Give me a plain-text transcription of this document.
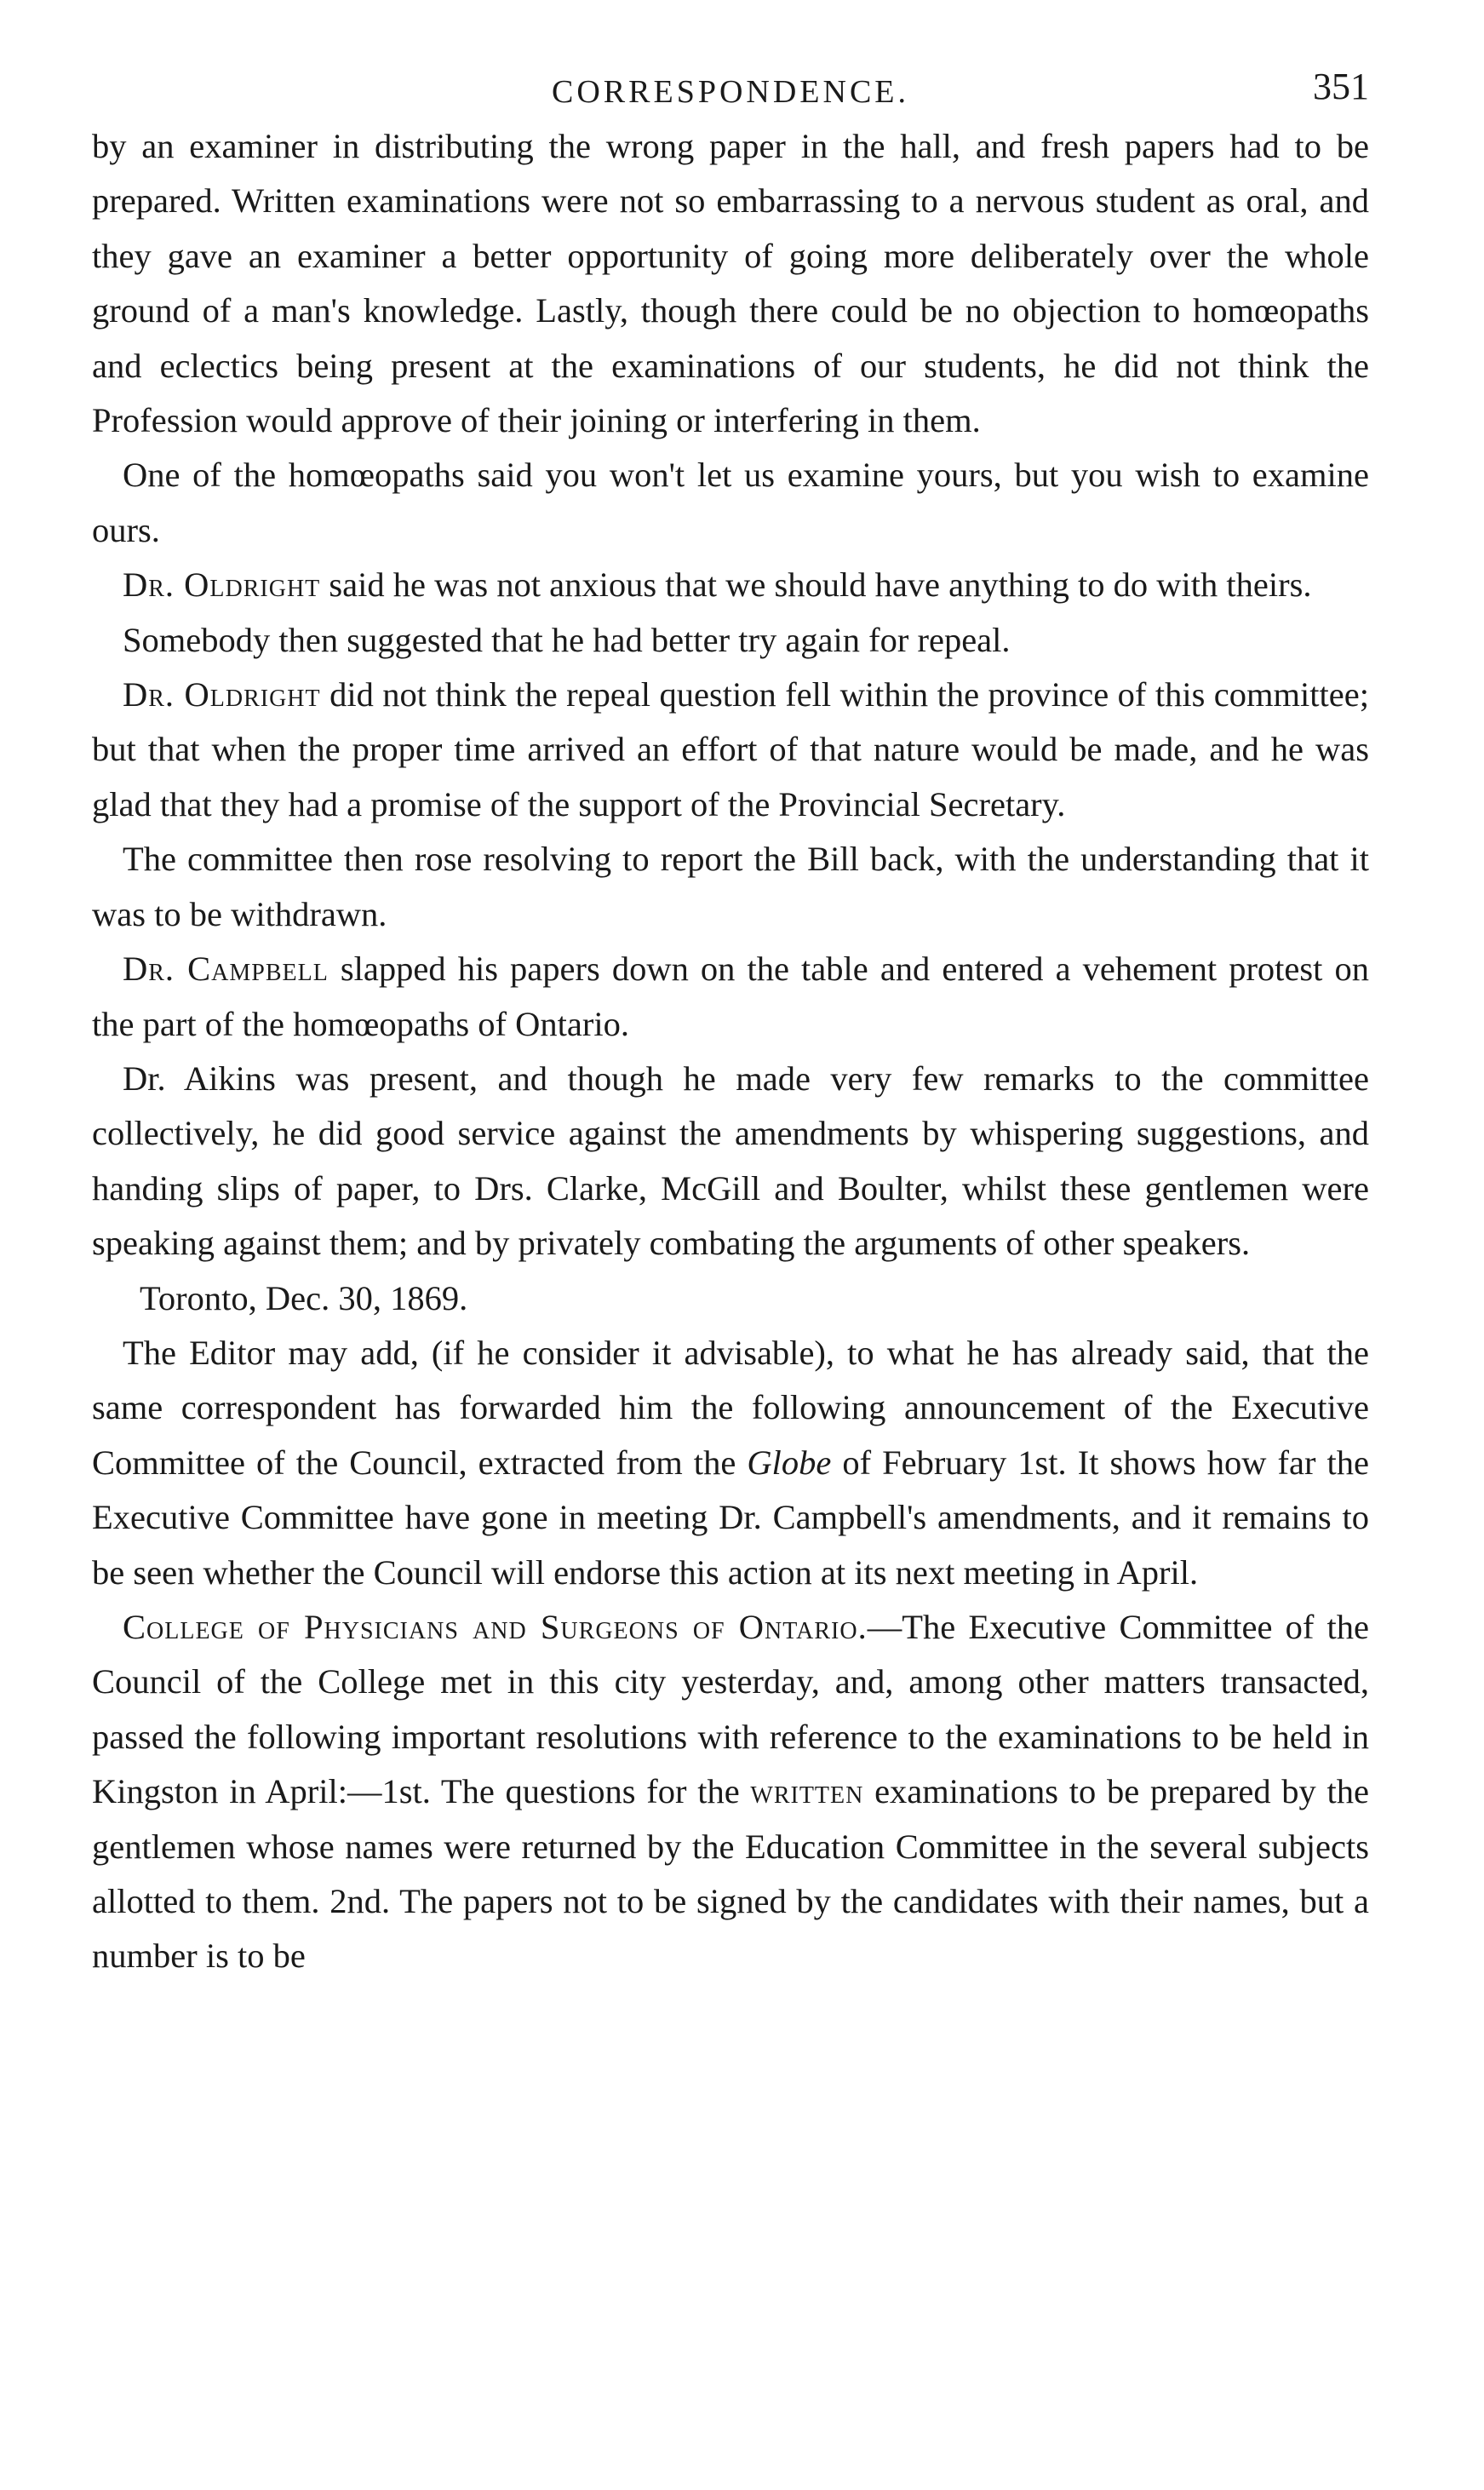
CORRESPONDENCE.	351

by an examiner in distributing the wrong paper in the hall, and fresh papers had to be prepared. Written examinations were not so embarrassing to a nervous student as oral, and they gave an examiner a better opportunity of going more deliberately over the whole ground of a man's knowledge. Lastly, though there could be no objection to homœopaths and eclectics being present at the examinations of our students, he did not think the Profession would approve of their joining or interfering in them.

One of the homœopaths said you won't let us examine yours, but you wish to examine ours.

Dr. Oldright said he was not anxious that we should have anything to do with theirs.

Somebody then suggested that he had better try again for repeal.

Dr. Oldright did not think the repeal question fell within the province of this committee; but that when the proper time arrived an effort of that nature would be made, and he was glad that they had a promise of the support of the Provincial Secretary.

The committee then rose resolving to report the Bill back, with the understanding that it was to be withdrawn.

Dr. Campbell slapped his papers down on the table and entered a vehement protest on the part of the homœopaths of Ontario.

Dr. Aikins was present, and though he made very few remarks to the committee collectively, he did good service against the amendments by whispering suggestions, and handing slips of paper, to Drs. Clarke, McGill and Boulter, whilst these gentlemen were speaking against them; and by privately combating the arguments of other speakers.

Toronto, Dec. 30, 1869.

The Editor may add, (if he consider it advisable), to what he has already said, that the same correspondent has forwarded him the following announcement of the Executive Committee of the Council, extracted from the Globe of February 1st. It shows how far the Executive Committee have gone in meeting Dr. Campbell's amendments, and it remains to be seen whether the Council will endorse this action at its next meeting in April.

College of Physicians and Surgeons of Ontario.—The Executive Committee of the Council of the College met in this city yesterday, and, among other matters transacted, passed the following important resolutions with reference to the examinations to be held in Kingston in April:—1st. The questions for the written examinations to be prepared by the gentlemen whose names were returned by the Education Committee in the several subjects allotted to them. 2nd. The papers not to be signed by the candidates with their names, but a number is to be
